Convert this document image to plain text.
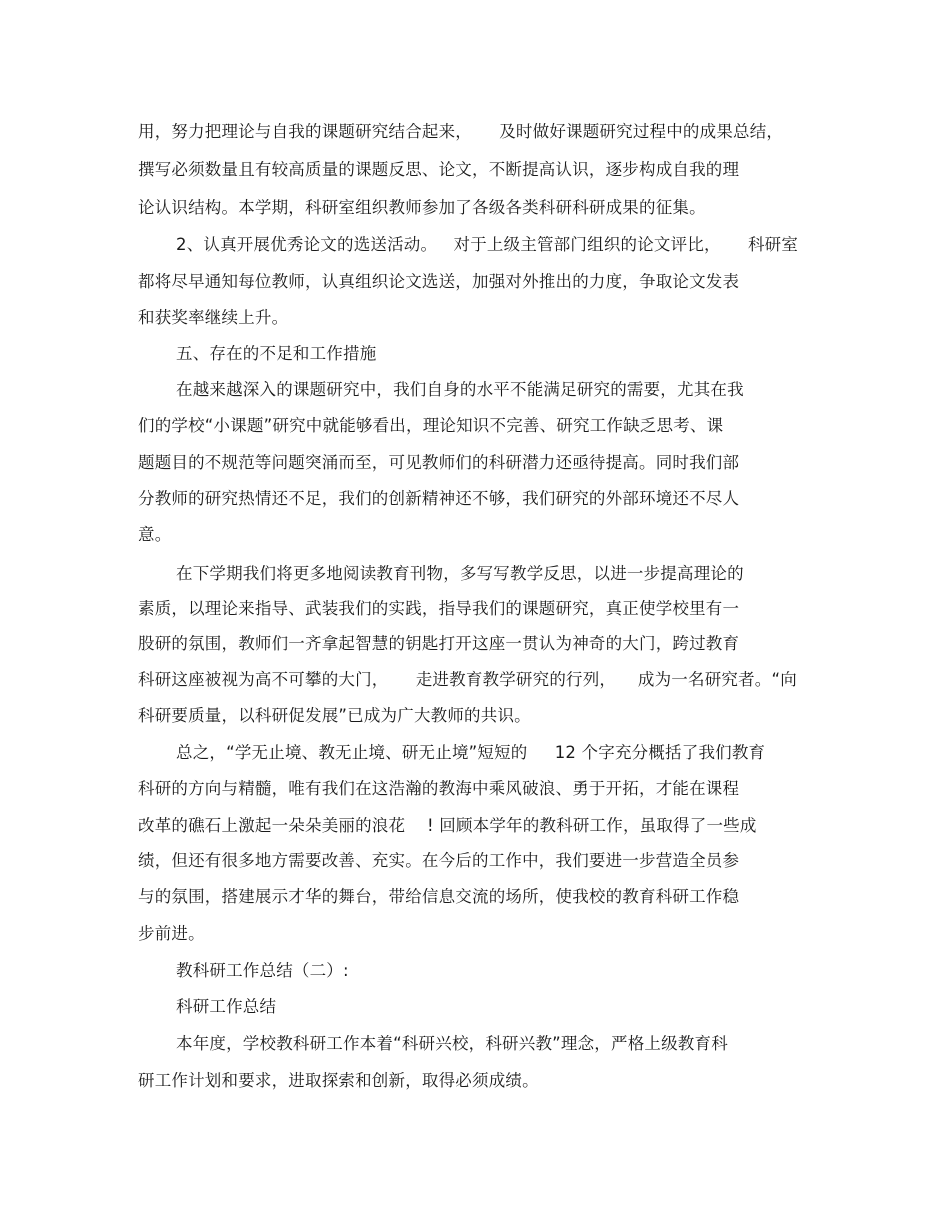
用，努力把理论与自我的课题研究结合起来，     及时做好课题研究过程中的成果总结，
撰写必须数量且有较高质量的课题反思、论文，不断提高认识，逐步构成自我的理
论认识结构。本学期，科研室组织教师参加了各级各类科研科研成果的征集。
2、认真开展优秀论文的选送活动。   对于上级主管部门组织的论文评比，     科研室
都将尽早通知每位教师，认真组织论文选送，加强对外推出的力度，争取论文发表
和获奖率继续上升。
五、存在的不足和工作措施
在越来越深入的课题研究中，我们自身的水平不能满足研究的需要，尤其在我
们的学校“小课题”研究中就能够看出，理论知识不完善、研究工作缺乏思考、课
题题目的不规范等问题突涌而至，可见教师们的科研潜力还亟待提高。同时我们部
分教师的研究热情还不足，我们的创新精神还不够，我们研究的外部环境还不尽人
意。
在下学期我们将更多地阅读教育刊物，多写写教学反思，以进一步提高理论的
素质，以理论来指导、武装我们的实践，指导我们的课题研究，真正使学校里有一
股研的氛围，教师们一齐拿起智慧的钥匙打开这座一贯认为神奇的大门，跨过教育
科研这座被视为高不可攀的大门，     走进教育教学研究的行列，    成为一名研究者。“向
科研要质量，以科研促发展”已成为广大教师的共识。
总之，“学无止境、教无止境、研无止境”短短的     12 个字充分概括了我们教育
科研的方向与精髓，唯有我们在这浩瀚的教海中乘风破浪、勇于开拓，才能在课程
改革的礁石上激起一朵朵美丽的浪花    ! 回顾本学年的教科研工作，虽取得了一些成
绩，但还有很多地方需要改善、充实。在今后的工作中，我们要进一步营造全员参
与的氛围，搭建展示才华的舞台，带给信息交流的场所，使我校的教育科研工作稳
步前进。
教科研工作总结（二）:
科研工作总结
本年度，学校教科研工作本着“科研兴校，科研兴教”理念，严格上级教育科
研工作计划和要求，进取探索和创新，取得必须成绩。
